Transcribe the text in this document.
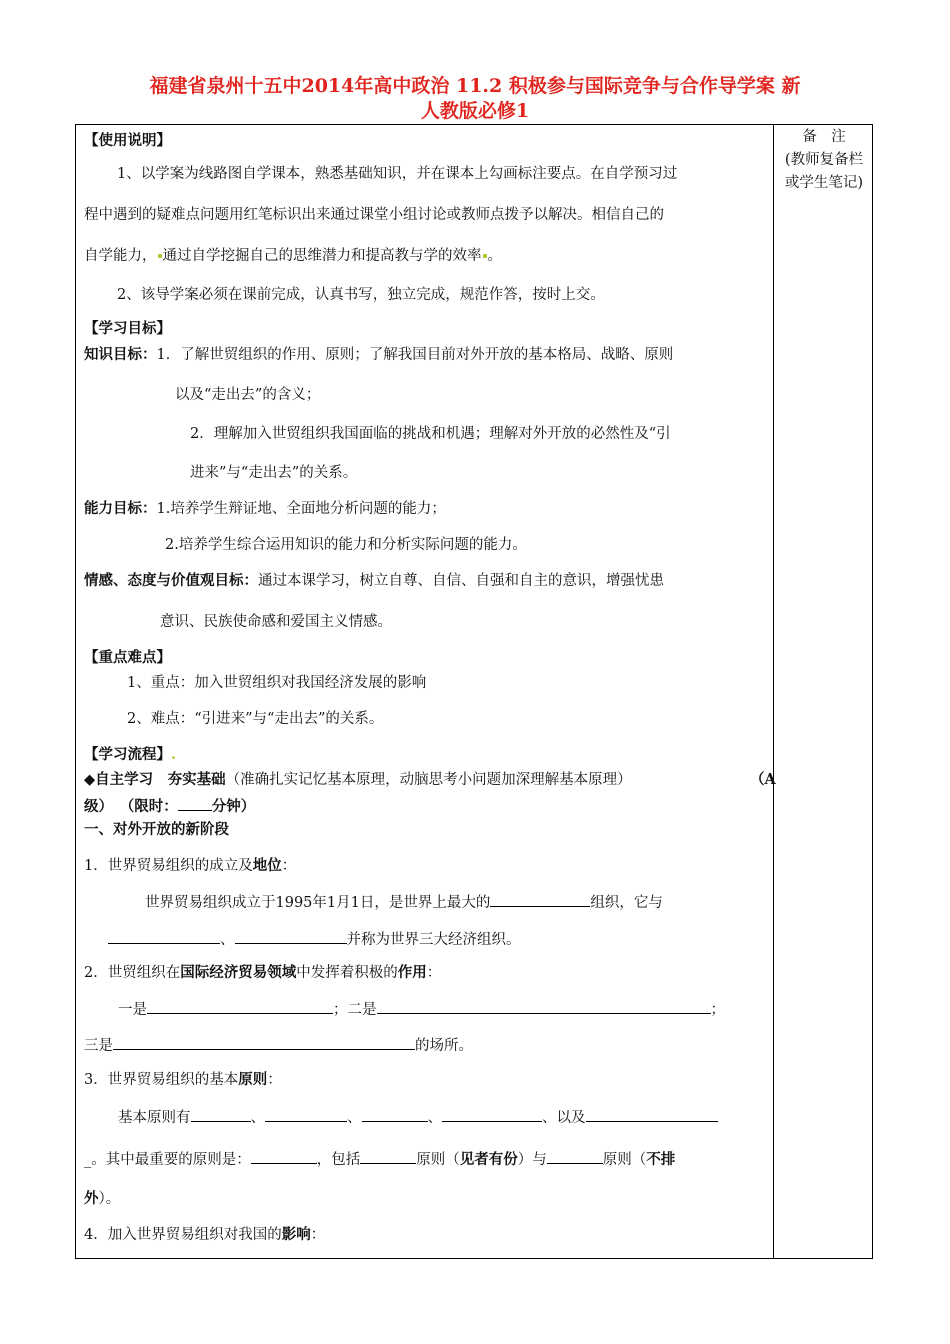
福建省泉州十五中2014年高中政治 11.2 积极参与国际竞争与合作导学案 新
人教版必修1
备　注
(教师复备栏
或学生笔记)
【使用说明】
1、以学案为线路图自学课本，熟悉基础知识，并在课本上勾画标注要点。在自学预习过
程中遇到的疑难点问题用红笔标识出来通过课堂小组讨论或教师点拨予以解决。相信自己的
自学能力， 通过自学挖掘自己的思维潜力和提高教与学的效率 。
2、该导学案必须在课前完成，认真书写，独立完成，规范作答，按时上交。
【学习目标】
知识目标：1．了解世贸组织的作用、原则；了解我国目前对外开放的基本格局、战略、原则
以及“走出去”的含义；
2．理解加入世贸组织我国面临的挑战和机遇；理解对外开放的必然性及“引
进来”与“走出去”的关系。
能力目标：1.培养学生辩证地、全面地分析问题的能力；
2.培养学生综合运用知识的能力和分析实际问题的能力。
情感、态度与价值观目标：通过本课学习，树立自尊、自信、自强和自主的意识，增强忧患
意识、民族使命感和爱国主义情感。
【重点难点】
1、重点：加入世贸组织对我国经济发展的影响
2、难点：“引进来”与“走出去”的关系。
【学习流程】.
◆自主学习　夯实基础（准确扎实记忆基本原理，动脑思考小问题加深理解基本原理）	（A
级） （限时： 分钟）
一、对外开放的新阶段
1．世界贸易组织的成立及地位：
世界贸易组织成立于1995年1月1日，是世界上最大的	组织，它与
、	并称为世界三大经济组织。
2．世贸组织在国际经济贸易领域中发挥着积极的作用：
一是	；二是	；
三是	的场所。
3．世界贸易组织的基本原则：
基本原则有	、	、	、	、以及
_。其中最重要的原则是：	，包括	原则（见者有份）与	原则（不排
外）。
4．加入世界贸易组织对我国的影响：
